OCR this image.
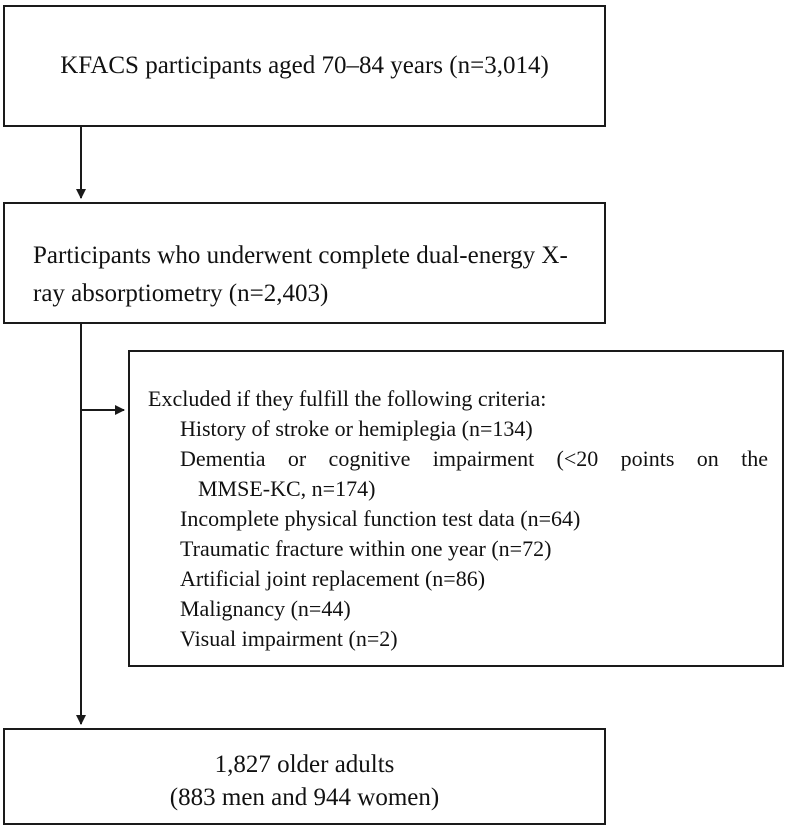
KFACS participants aged 70–84 years (n=3,014)
Participants who underwent complete dual-energy X-
ray absorptiometry (n=2,403)
Excluded if they fulfill the following criteria:
History of stroke or hemiplegia (n=134)
Dementia or cognitive impairment (<20 points on the
MMSE-KC, n=174)
Incomplete physical function test data (n=64)
Traumatic fracture within one year (n=72)
Artificial joint replacement (n=86)
Malignancy (n=44)
Visual impairment (n=2)
1,827 older adults
(883 men and 944 women)
